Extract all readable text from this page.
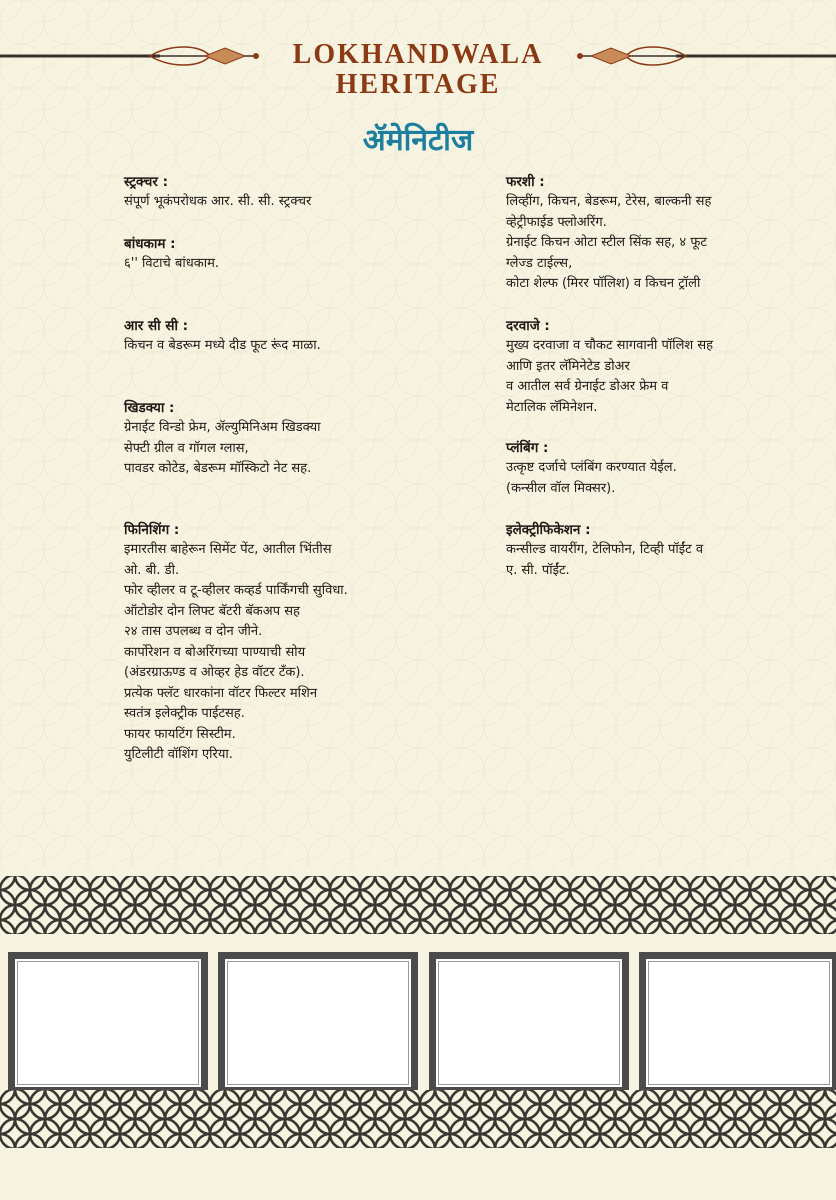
LOKHANDWALA
HERITAGE
ॲमेनिटीज

स्ट्रक्चर :

संपूर्ण भूकंपरोधक आर. सी. सी. स्ट्रक्चर

बांधकाम :

६'' विटाचे बांधकाम.

आर सी सी :

किचन व बेडरूम मध्ये दीड फूट रूंद माळा.

खिडक्या :

ग्रेनाईट विन्डो फ्रेम, ॲल्युमिनिअम खिडक्या

सेफ्टी ग्रील व गॉगल ग्लास,

पावडर कोटेड, बेडरूम मॉस्किटो नेट सह.

फिनिशिंग :

इमारतीस बाहेरून सिमेंट पेंट, आतील भिंतीस

ओ. बी. डी.

फोर व्हीलर व टू-व्हीलर कव्हर्ड पार्किंगची सुविधा.

ऑटोडोर दोन लिफ्ट बॅटरी बॅकअप सह

२४ तास उपलब्ध व दोन जीने.

कार्पोरेशन व बोअरिंगच्या पाण्याची सोय

(अंडरग्राऊण्ड व ओव्हर हेड वॉटर टँक).

प्रत्येक फ्लॅट धारकांना वॉटर फिल्टर मशिन

स्वतंत्र इलेक्ट्रीक पाईटसह.

फायर फायटिंग सिस्टीम.

युटिलीटी वॉशिंग एरिया.

फरशी :

लिव्हींग, किचन, बेडरूम, टेरेस, बाल्कनी सह

व्हेट्रीफाईड फ्लोअरिंग.

ग्रेनाईट किचन ओटा स्टील सिंक सह, ४ फूट

ग्लेज्ड टाईल्स,

कोटा शेल्फ (मिरर पॉलिश) व किचन ट्रॉली

दरवाजे :

मुख्य दरवाजा व चौकट सागवानी पॉलिश सह

आणि इतर लॅमिनेटेड डोअर

व आतील सर्व ग्रेनाईट डोअर फ्रेम व

मेटालिक लॅमिनेशन.

प्लंबिंग :

उत्कृष्ट दर्जाचे प्लंबिंग करण्यात येईल.

(कन्सील वॉल मिक्सर).

इलेक्ट्रीफिकेशन :

कन्सील्ड वायरींग, टेलिफोन, टिव्ही पॉईंट व

ए. सी. पॉईंट.
